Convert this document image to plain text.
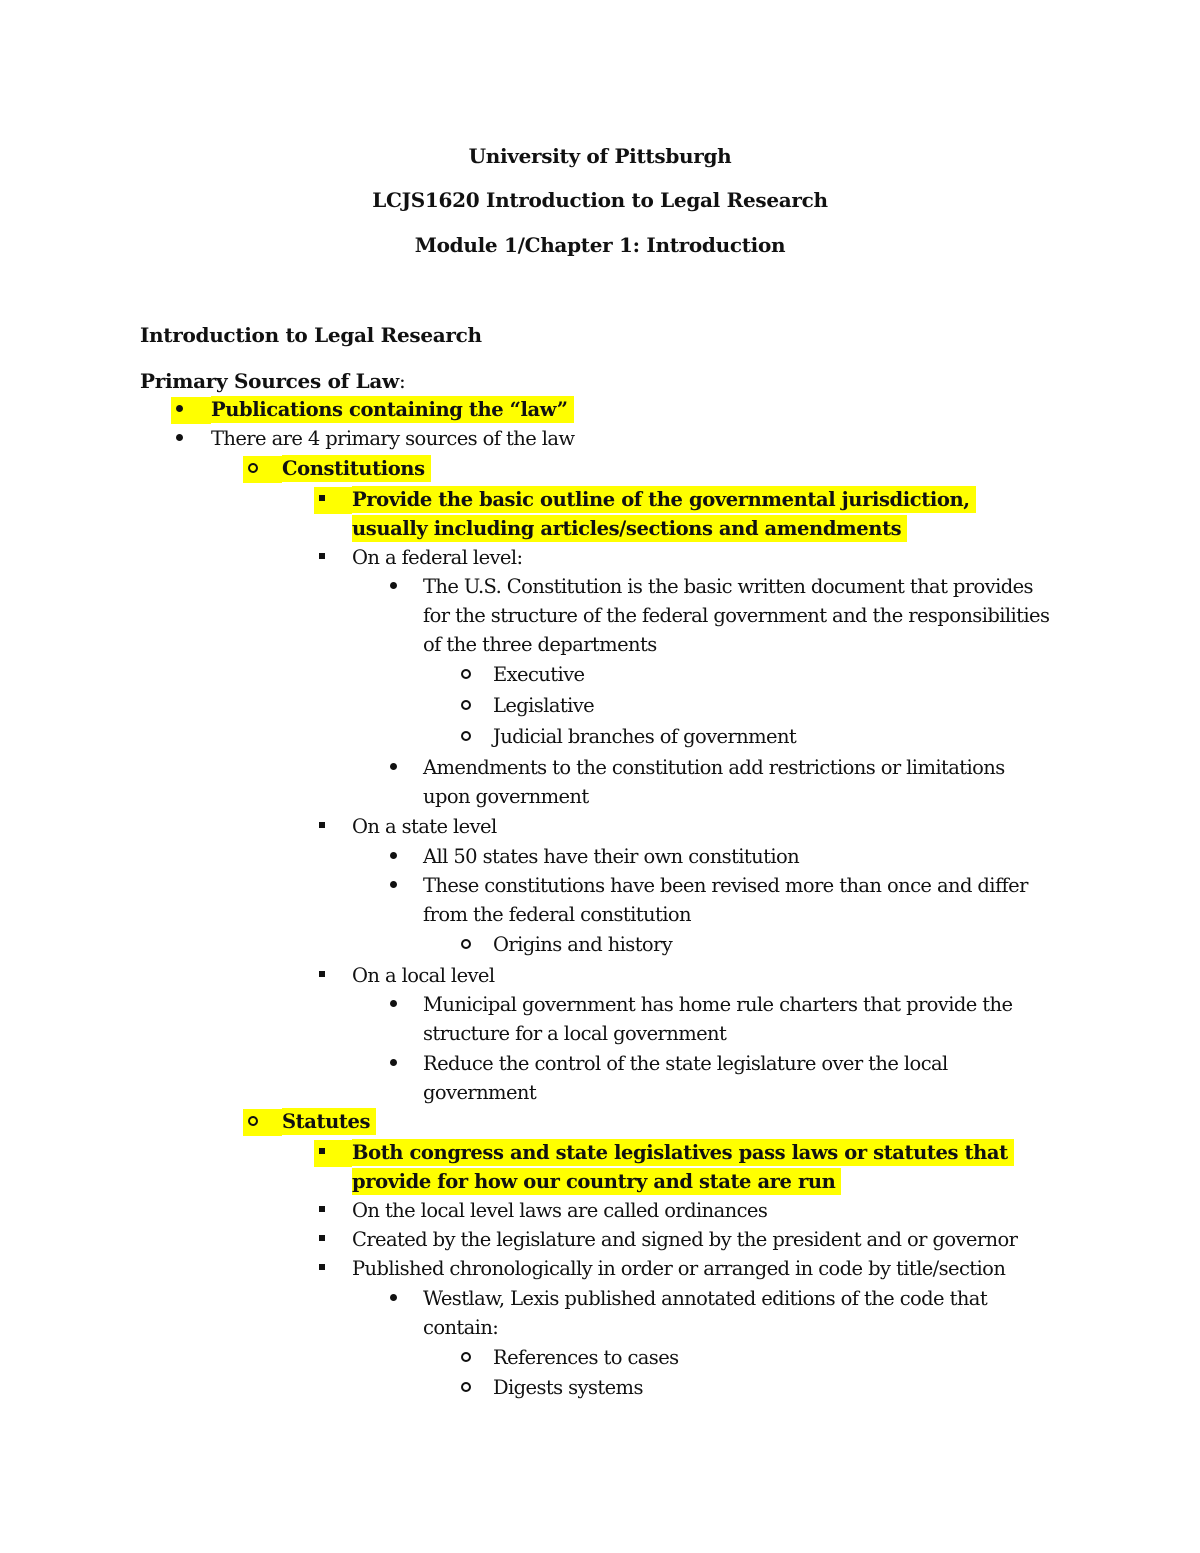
University of Pittsburgh
LCJS1620 Introduction to Legal Research
Module 1/Chapter 1: Introduction
Introduction to Legal Research
Primary Sources of Law:
Publications containing the “law”
There are 4 primary sources of the law
Constitutions
Provide the basic outline of the governmental jurisdiction, usually including articles/sections and amendments
On a federal level:
The U.S. Constitution is the basic written document that provides for the structure of the federal government and the responsibilities of the three departments
Executive
Legislative
Judicial branches of government
Amendments to the constitution add restrictions or limitations upon government
On a state level
All 50 states have their own constitution
These constitutions have been revised more than once and differ from the federal constitution
Origins and history
On a local level
Municipal government has home rule charters that provide the structure for a local government
Reduce the control of the state legislature over the local government
Statutes
Both congress and state legislatives pass laws or statutes that provide for how our country and state are run
On the local level laws are called ordinances
Created by the legislature and signed by the president and or governor
Published chronologically in order or arranged in code by title/section
Westlaw, Lexis published annotated editions of the code that contain:
References to cases
Digests systems
